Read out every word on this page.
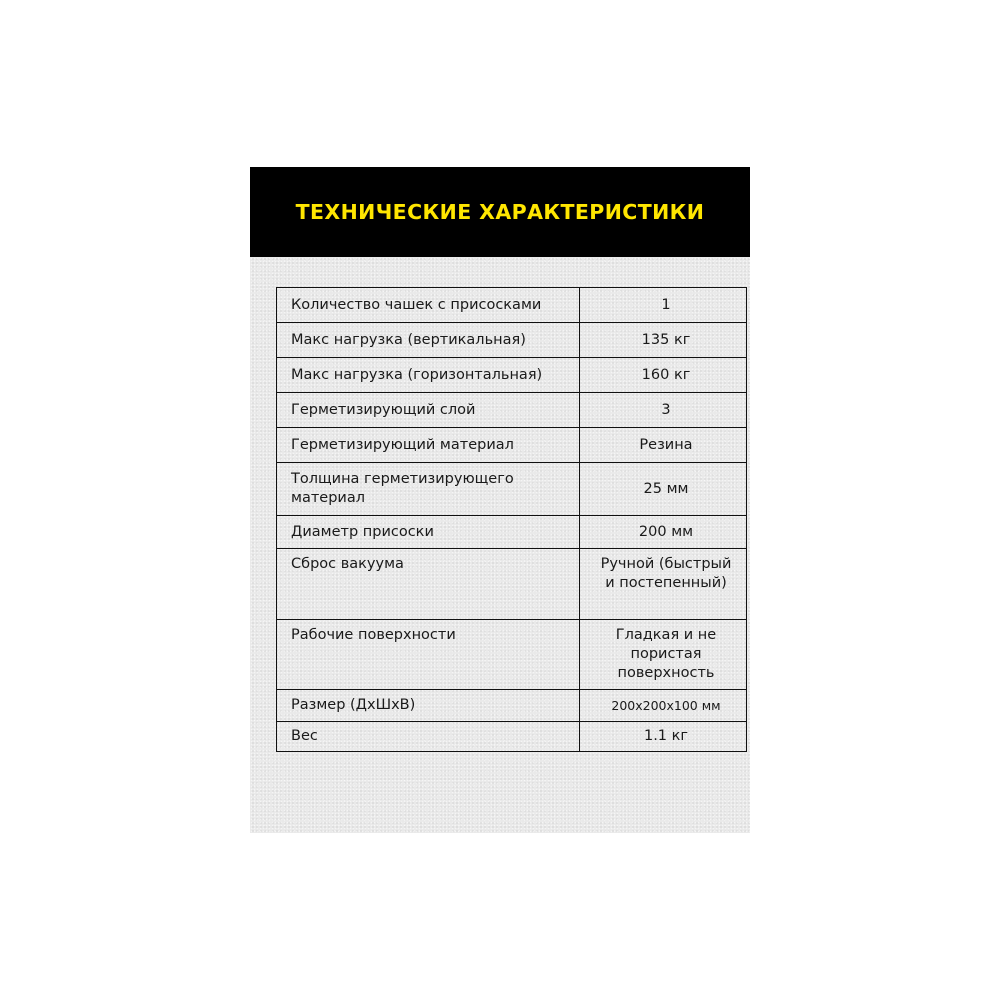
ТЕХНИЧЕСКИЕ ХАРАКТЕРИСТИКИ
Количество чашек с присосками	1
Макс нагрузка (вертикальная)	135 кг
Макс нагрузка (горизонтальная)	160 кг
Герметизирующий слой	3
Герметизирующий материал	Резина
Толщина герметизирующего материал	25 мм
Диаметр присоски	200 мм
Сброс вакуума	Ручной (быстрый и постепенный)
Рабочие поверхности	Гладкая и не пористая поверхность
Размер (ДхШхВ)	200x200x100 мм
Вес	1.1 кг
